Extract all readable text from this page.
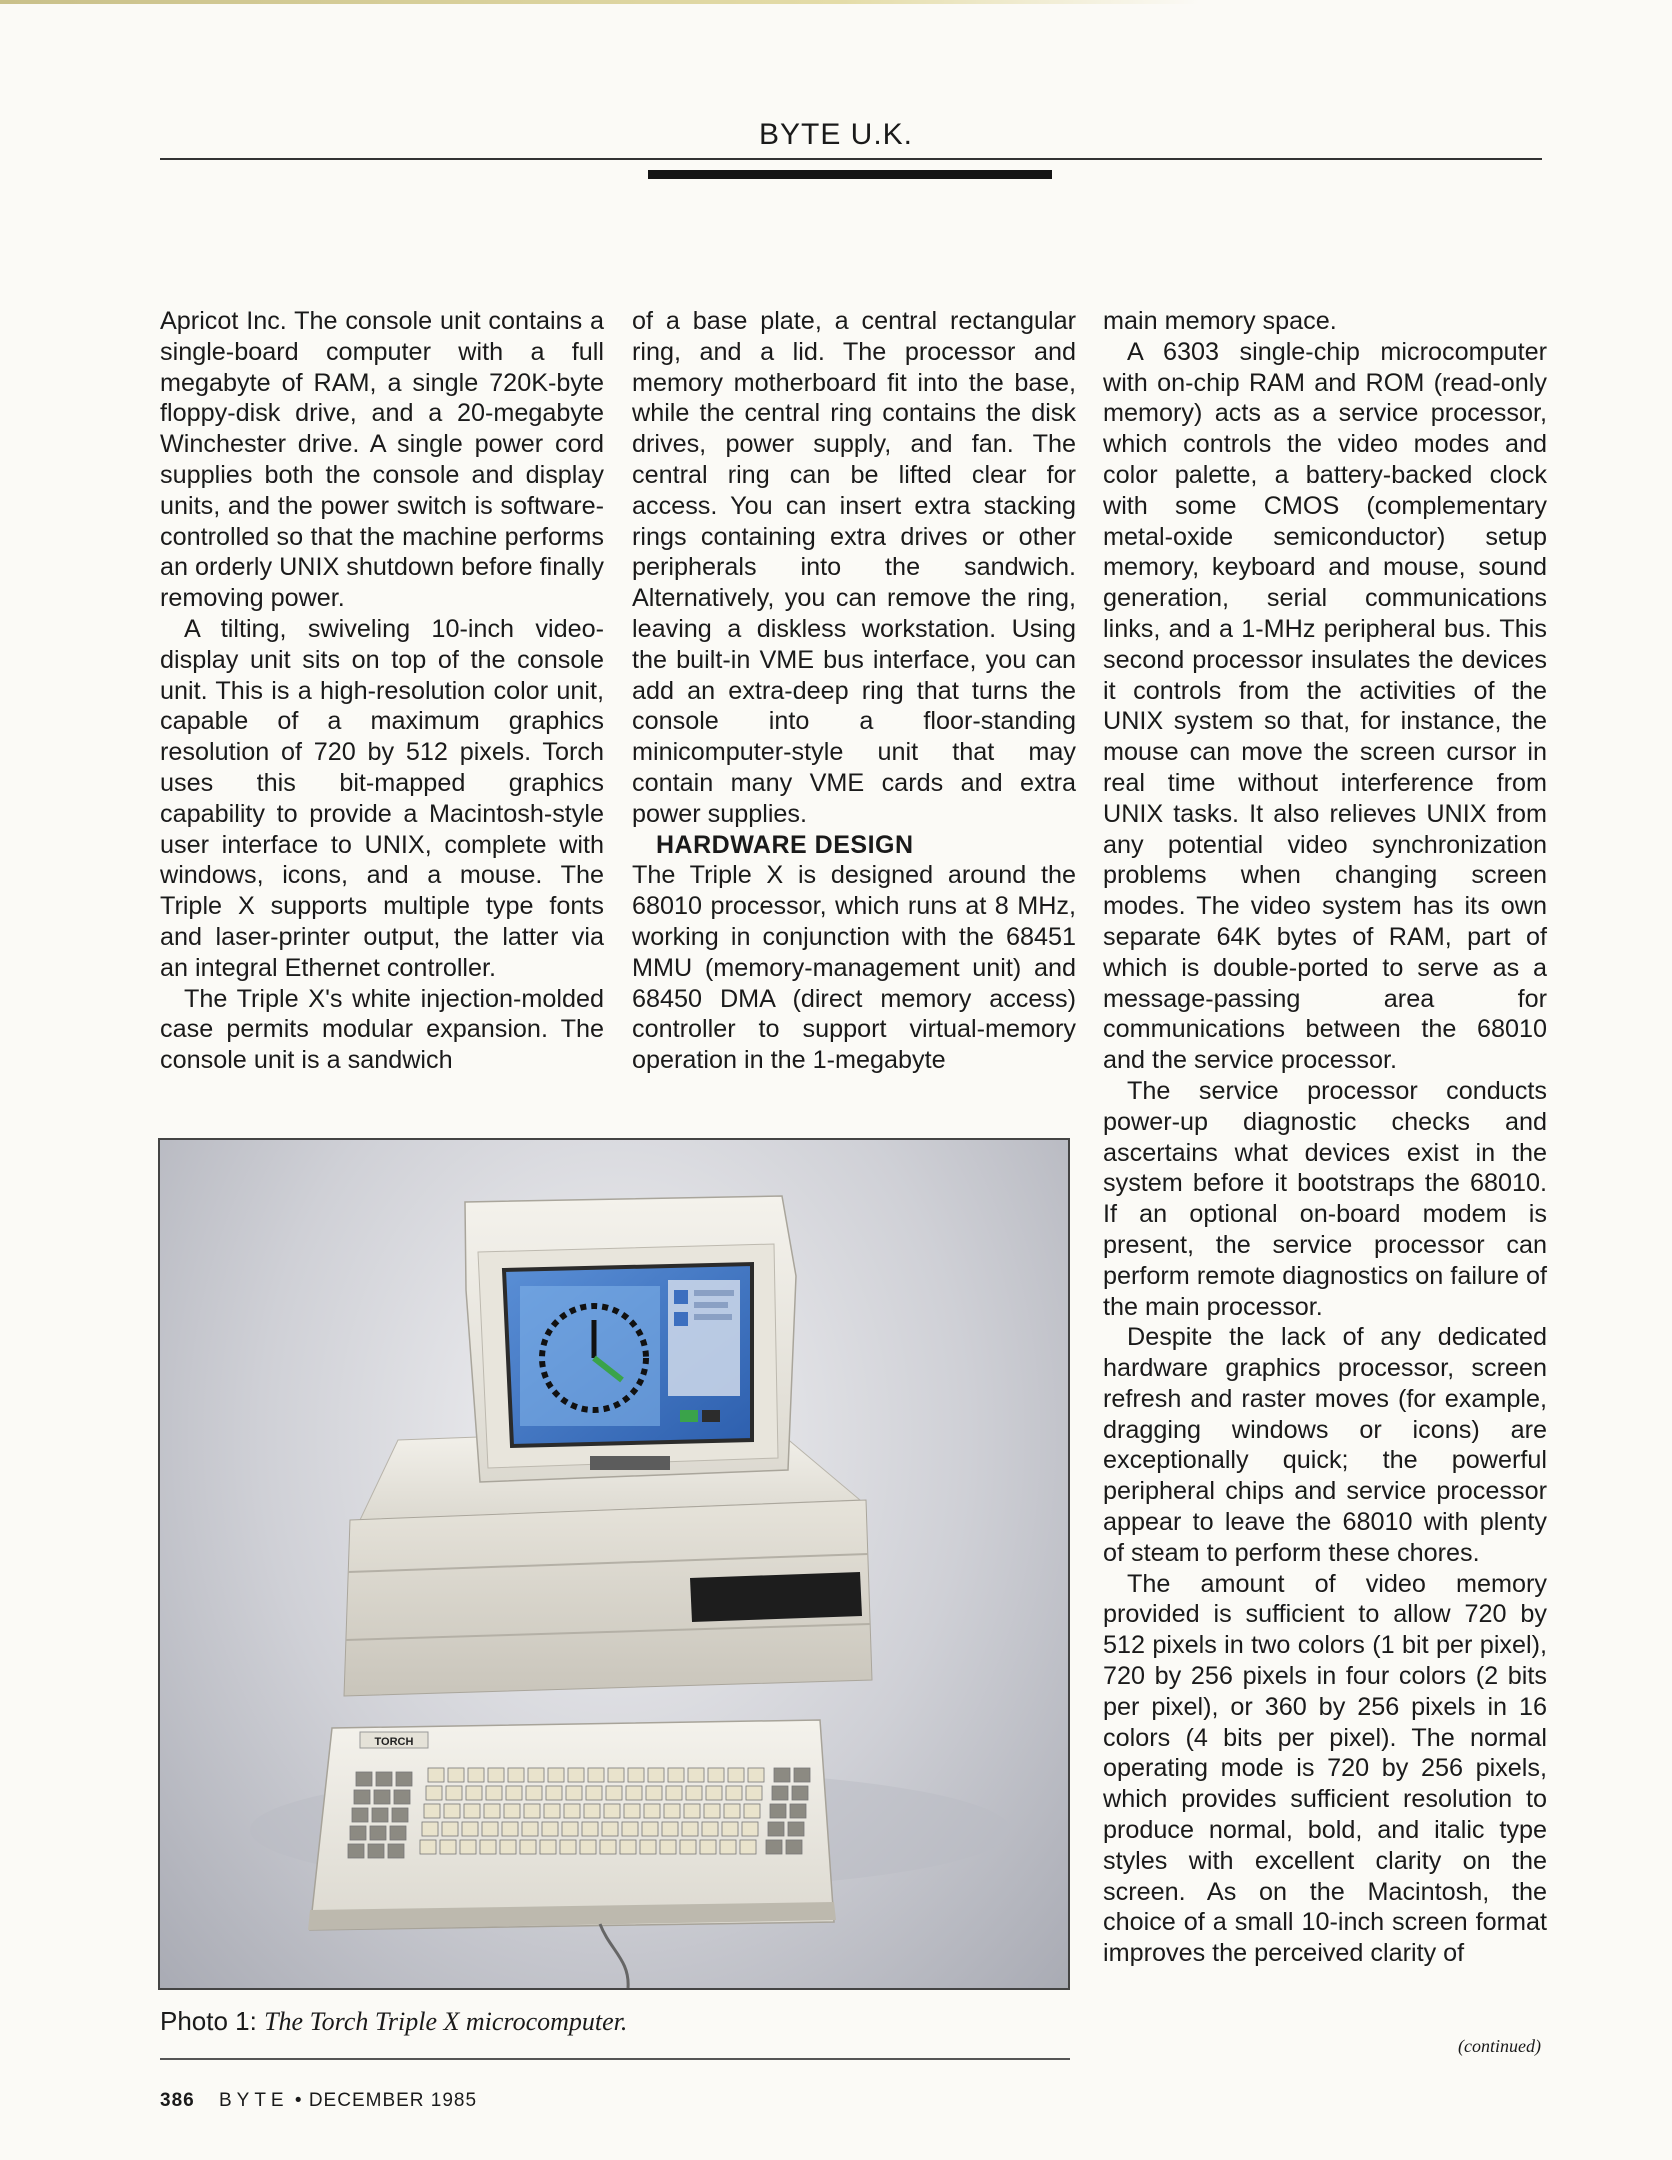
BYTE U.K.

Apricot Inc. The console unit contains a single-board computer with a full megabyte of RAM, a single 720K-byte floppy-disk drive, and a 20-megabyte Winchester drive. A single power cord supplies both the console and display units, and the power switch is software-controlled so that the machine performs an orderly UNIX shutdown before finally removing power.

A tilting, swiveling 10-inch video-display unit sits on top of the console unit. This is a high-resolution color unit, capable of a maximum graphics resolution of 720 by 512 pixels. Torch uses this bit-mapped graphics capability to provide a Macintosh-style user interface to UNIX, complete with windows, icons, and a mouse. The Triple X supports multiple type fonts and laser-printer output, the latter via an integral Ethernet controller.

The Triple X's white injection-molded case permits modular expansion. The console unit is a sandwich

of a base plate, a central rectangular ring, and a lid. The processor and memory motherboard fit into the base, while the central ring contains the disk drives, power supply, and fan. The central ring can be lifted clear for access. You can insert extra stacking rings containing extra drives or other peripherals into the sandwich. Alternatively, you can remove the ring, leaving a diskless workstation. Using the built-in VME bus interface, you can add an extra-deep ring that turns the console into a floor-standing minicomputer-style unit that may contain many VME cards and extra power supplies.

HARDWARE DESIGN

The Triple X is designed around the 68010 processor, which runs at 8 MHz, working in conjunction with the 68451 MMU (memory-management unit) and 68450 DMA (direct memory access) controller to support virtual-memory operation in the 1-megabyte

main memory space.

A 6303 single-chip microcomputer with on-chip RAM and ROM (read-only memory) acts as a service processor, which controls the video modes and color palette, a battery-backed clock with some CMOS (complementary metal-oxide semiconductor) setup memory, keyboard and mouse, sound generation, serial communications links, and a 1-MHz peripheral bus. This second processor insulates the devices it controls from the activities of the UNIX system so that, for instance, the mouse can move the screen cursor in real time without interference from UNIX tasks. It also relieves UNIX from any potential video synchronization problems when changing screen modes. The video system has its own separate 64K bytes of RAM, part of which is double-ported to serve as a message-passing area for communications between the 68010 and the service processor.

The service processor conducts power-up diagnostic checks and ascertains what devices exist in the system before it bootstraps the 68010. If an optional on-board modem is present, the service processor can perform remote diagnostics on failure of the main processor.

Despite the lack of any dedicated hardware graphics processor, screen refresh and raster moves (for example, dragging windows or icons) are exceptionally quick; the powerful peripheral chips and service processor appear to leave the 68010 with plenty of steam to perform these chores.

The amount of video memory provided is sufficient to allow 720 by 512 pixels in two colors (1 bit per pixel), 720 by 256 pixels in four colors (2 bits per pixel), or 360 by 256 pixels in 16 colors (4 bits per pixel). The normal operating mode is 720 by 256 pixels, which provides sufficient resolution to produce normal, bold, and italic type styles with excellent clarity on the screen. As on the Macintosh, the choice of a small 10-inch screen format improves the perceived clarity of

(continued)
TORCH
Photo 1: The Torch Triple X microcomputer.
386 BYTE • DECEMBER 1985
